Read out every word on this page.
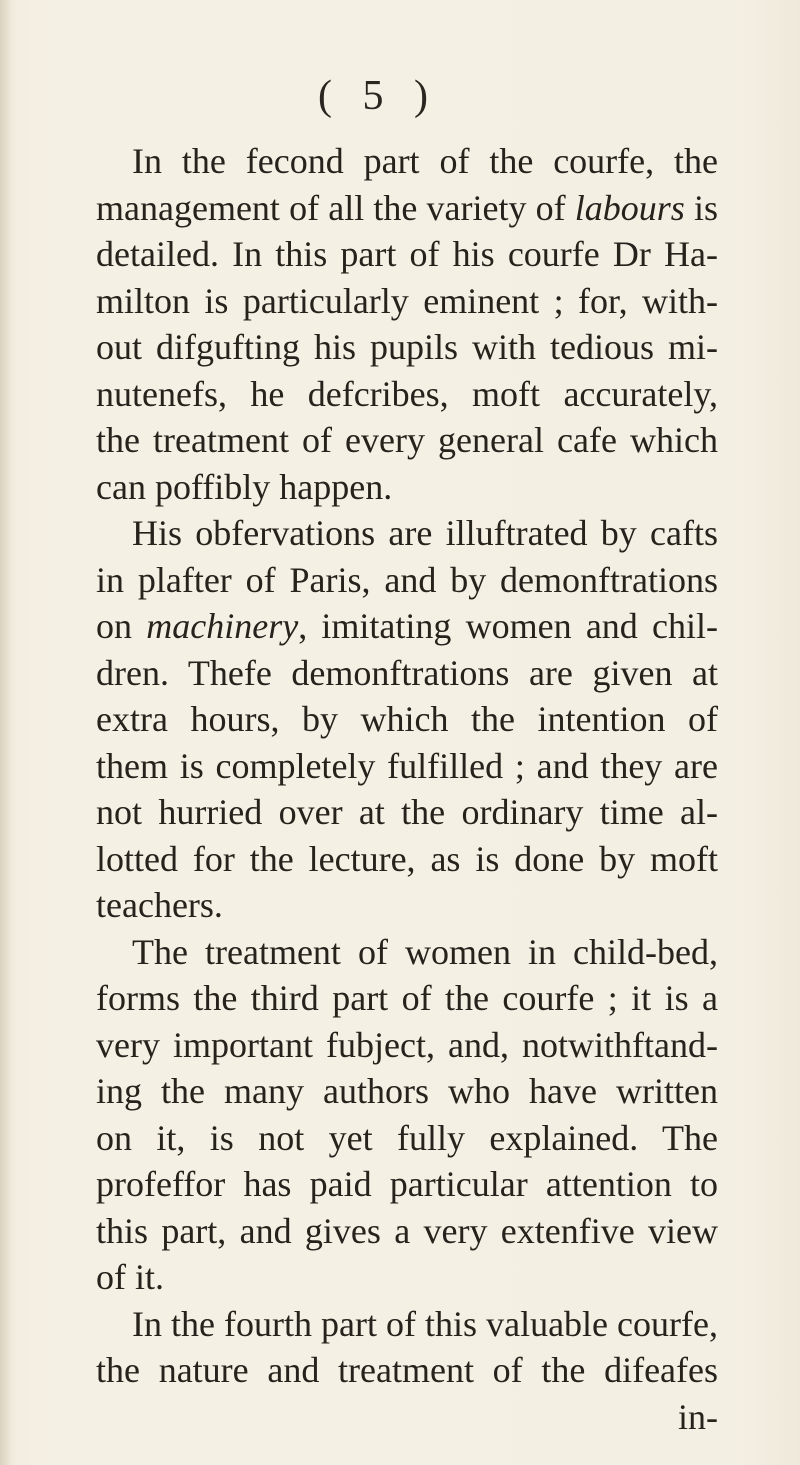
( 5 )
In the fecond part of the courfe, the
management of all the variety of labours is
detailed. In this part of his courfe Dr Ha-
milton is particularly eminent ; for, with-
out difgufting his pupils with tedious mi-
nutenefs, he defcribes, moft accurately,
the treatment of every general cafe which
can poffibly happen.
His obfervations are illuftrated by cafts
in plafter of Paris, and by demonftrations
on machinery, imitating women and chil-
dren. Thefe demonftrations are given at
extra hours, by which the intention of
them is completely fulfilled ; and they are
not hurried over at the ordinary time al-
lotted for the lecture, as is done by moft
teachers.
The treatment of women in child-bed,
forms the third part of the courfe ; it is a
very important fubject, and, notwithftand-
ing the many authors who have written
on it, is not yet fully explained. The
profeffor has paid particular attention to
this part, and gives a very extenfive view
of it.
In the fourth part of this valuable courfe,
the nature and treatment of the difeafes
in-
